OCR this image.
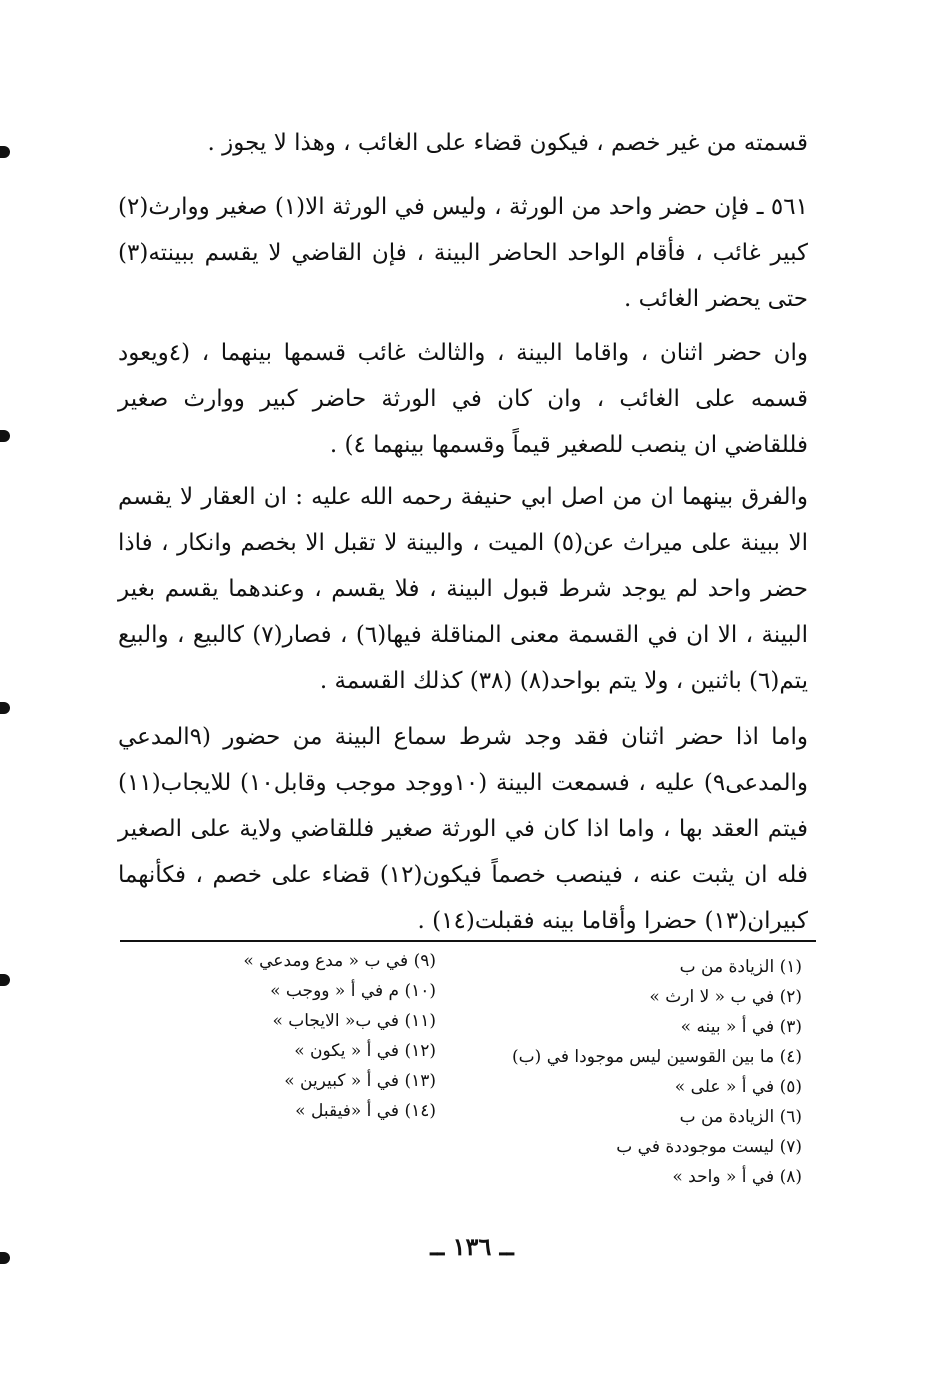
قسمته من غير خصم ، فيكون قضاء على الغائب ، وهذا لا يجوز .

٥٦١ ـ فإن حضر واحد من الورثة ، وليس في الورثة الا(١) صغير ووارث(٢) كبير غائب ، فأقام الواحد الحاضر البينة ، فإن القاضي لا يقسم ببينته(٣) حتى يحضر الغائب .

وان حضر اثنان ، واقاما البينة ، والثالث غائب قسمها بينهما ، (٤ويعود قسمه على الغائب ، وان كان في الورثة حاضر كبير ووارث صغير فللقاضي ان ينصب للصغير قيماً وقسمها بينهما ٤) .

والفرق بينهما ان من اصل ابي حنيفة رحمه الله عليه : ان العقار لا يقسم الا ببينة على ميراث عن(٥) الميت ، والبينة لا تقبل الا بخصم وانكار ، فاذا حضر واحد لم يوجد شرط قبول البينة ، فلا يقسم ، وعندهما يقسم بغير البينة ، الا ان في القسمة معنى المناقلة فيها(٦) ، فصار(٧) كالبيع ، والبيع يتم(٦) باثنين ، ولا يتم بواحد(٨) (٣٨) كذلك القسمة .

واما اذا حضر اثنان فقد وجد شرط سماع البينة من حضور (٩المدعي والمدعى٩) عليه ، فسمعت البينة (١٠ووجد موجب وقابل١٠) للايجاب(١١) فيتم العقد بها ، واما اذا كان في الورثة صغير فللقاضي ولاية على الصغير فله ان يثبت عنه ، فينصب خصماً فيكون(١٢) قضاء على خصم ، فكأنهما كبيران(١٣) حضرا وأقاما بينه فقبلت(١٤) .

(١) الزيادة من ب
(٢) في ب « لا ارث »
(٣) في أ « بينه »
(٤) ما بين القوسين ليس موجودا في (ب)
(٥) في أ « على »
(٦) الزيادة من ب
(٧) ليست موجوددة في ب
(٨) في أ « واحد »
(٩) في ب « مدع ومدعي »
(١٠) م في أ « ووجب »
(١١) في ب« الايجاب »
(١٢) في أ « يكون »
(١٣) في أ « كبيرين »
(١٤) في أ «فيقبل »
ــ ١٣٦ ــ
